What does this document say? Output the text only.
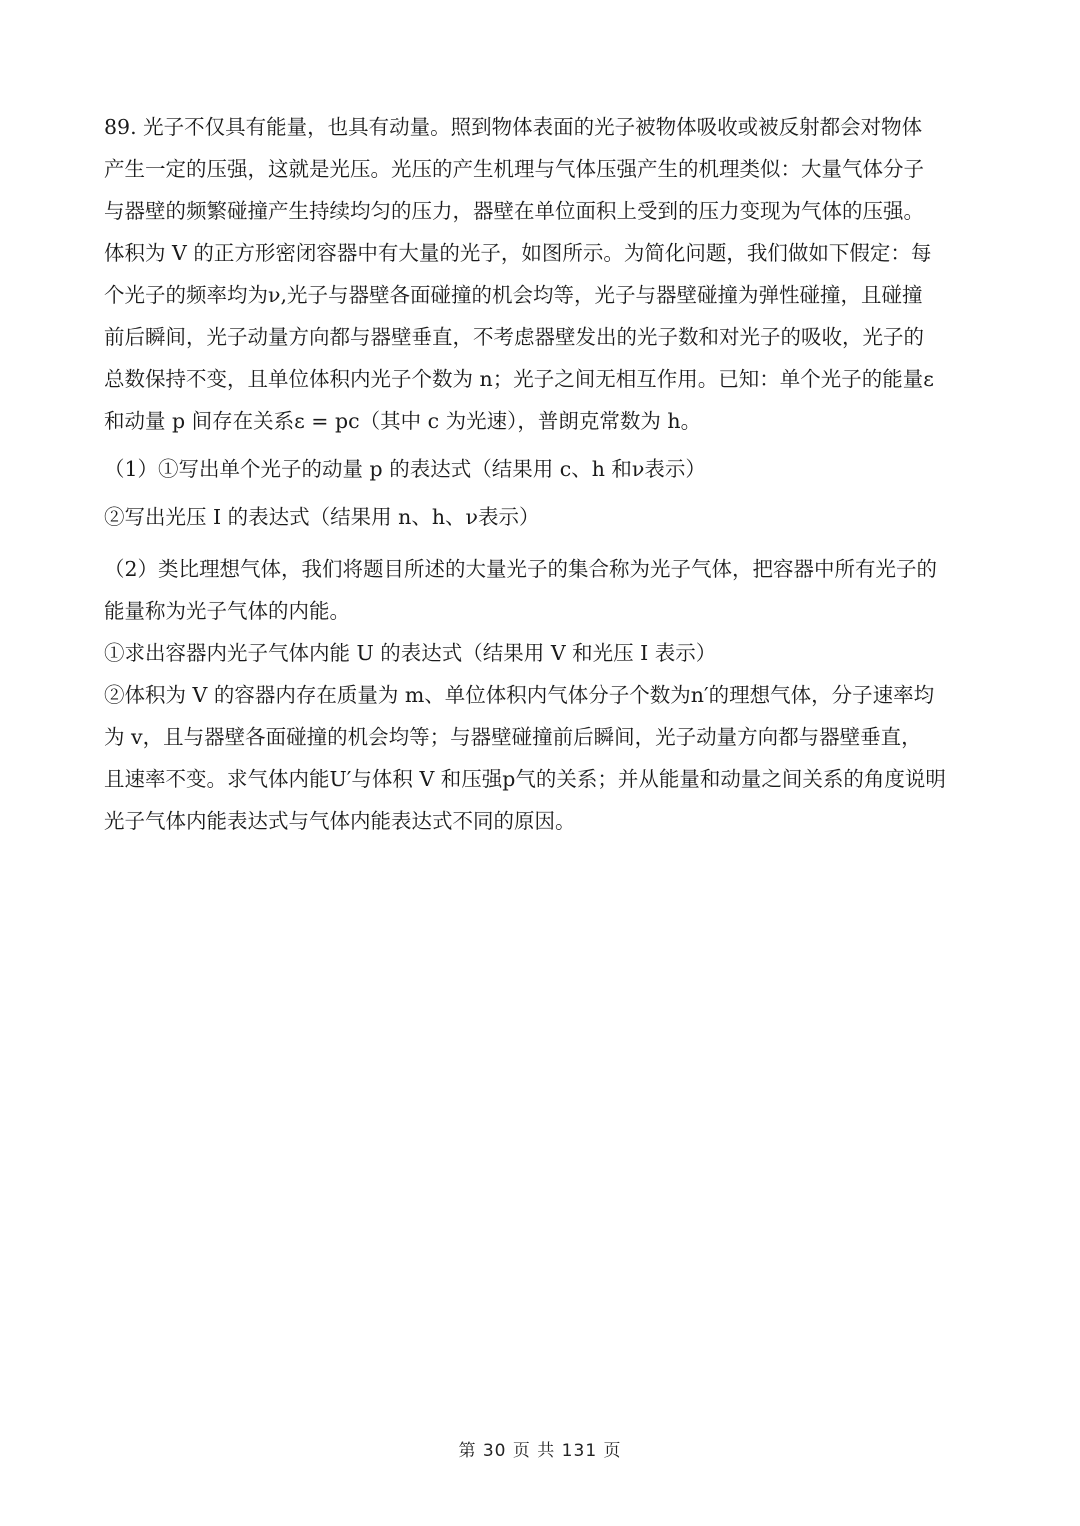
89. 光子不仅具有能量，也具有动量。照到物体表面的光子被物体吸收或被反射都会对物体
产生一定的压强，这就是光压。光压的产生机理与气体压强产生的机理类似：大量气体分子
与器壁的频繁碰撞产生持续均匀的压力，器壁在单位面积上受到的压力变现为气体的压强。
体积为 V 的正方形密闭容器中有大量的光子，如图所示。为简化问题，我们做如下假定：每
个光子的频率均为ν,光子与器壁各面碰撞的机会均等，光子与器壁碰撞为弹性碰撞，且碰撞
前后瞬间，光子动量方向都与器壁垂直，不考虑器壁发出的光子数和对光子的吸收，光子的
总数保持不变，且单位体积内光子个数为 n；光子之间无相互作用。已知：单个光子的能量ε
和动量 p 间存在关系ε = pc（其中 c 为光速），普朗克常数为 h。
（1）①写出单个光子的动量 p 的表达式（结果用 c、h 和ν表示）
②写出光压 I 的表达式（结果用 n、h、ν表示）
（2）类比理想气体，我们将题目所述的大量光子的集合称为光子气体，把容器中所有光子的
能量称为光子气体的内能。
①求出容器内光子气体内能 U 的表达式（结果用 V 和光压 I 表示）
②体积为 V 的容器内存在质量为 m、单位体积内气体分子个数为n′的理想气体，分子速率均
为 v，且与器壁各面碰撞的机会均等；与器壁碰撞前后瞬间，光子动量方向都与器壁垂直，
且速率不变。求气体内能U′与体积 V 和压强p气的关系；并从能量和动量之间关系的角度说明
光子气体内能表达式与气体内能表达式不同的原因。
第 30 页 共 131 页
